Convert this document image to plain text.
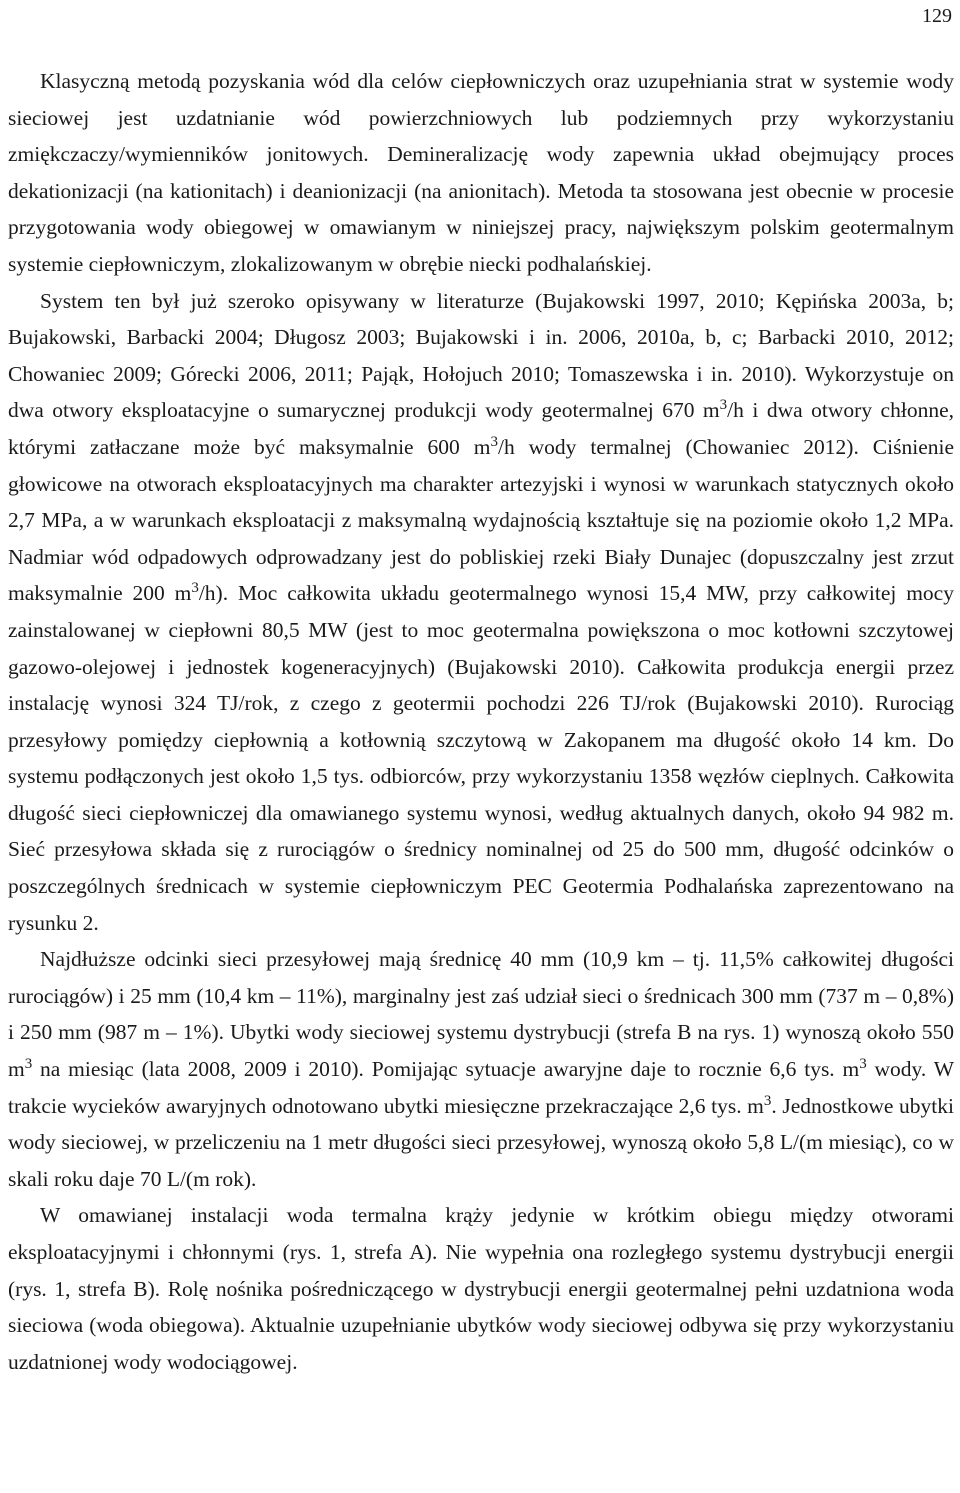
129

Klasyczną metodą pozyskania wód dla celów ciepłowniczych oraz uzupełniania strat w systemie wody sieciowej jest uzdatnianie wód powierzchniowych lub podziemnych przy wykorzystaniu zmiękczaczy/wymienników jonitowych. Demineralizację wody zapewnia układ obejmujący proces dekationizacji (na kationitach) i deanionizacji (na anionitach). Metoda ta stosowana jest obecnie w procesie przygotowania wody obiegowej w omawianym w niniejszej pracy, największym polskim geotermalnym systemie ciepłowniczym, zlokalizowanym w obrębie niecki podhalańskiej.

System ten był już szeroko opisywany w literaturze (Bujakowski 1997, 2010; Kępińska 2003a, b; Bujakowski, Barbacki 2004; Długosz 2003; Bujakowski i in. 2006, 2010a, b, c; Barbacki 2010, 2012; Chowaniec 2009; Górecki 2006, 2011; Pająk, Hołojuch 2010; Tomaszewska i in. 2010). Wykorzystuje on dwa otwory eksploatacyjne o sumarycznej produkcji wody geotermalnej 670 $m^3/h$ i dwa otwory chłonne, którymi zatłaczane może być maksymalnie 600 $m^3/h$ wody termalnej (Chowaniec 2012). Ciśnienie głowicowe na otworach eksploatacyjnych ma charakter artezyjski i wynosi w warunkach statycznych około 2,7 MPa, a w warunkach eksploatacji z maksymalną wydajnością kształtuje się na poziomie około 1,2 MPa. Nadmiar wód odpadowych odprowadzany jest do pobliskiej rzeki Biały Dunajec (dopuszczalny jest zrzut maksymalnie 200 $m^3/h$). Moc całkowita układu geotermalnego wynosi 15,4 MW, przy całkowitej mocy zainstalowanej w ciepłowni 80,5 MW (jest to moc geotermalna powiększona o moc kotłowni szczytowej gazowo-olejowej i jednostek kogeneracyjnych) (Bujakowski 2010). Całkowita produkcja energii przez instalację wynosi 324 TJ/rok, z czego z geotermii pochodzi 226 TJ/rok (Bujakowski 2010). Rurociąg przesyłowy pomiędzy ciepłownią a kotłownią szczytową w Zakopanem ma długość około 14 km. Do systemu podłączonych jest około 1,5 tys. odbiorców, przy wykorzystaniu 1358 węzłów cieplnych. Całkowita długość sieci ciepłowniczej dla omawianego systemu wynosi, według aktualnych danych, około 94 982 m. Sieć przesyłowa składa się z rurociągów o średnicy nominalnej od 25 do 500 mm, długość odcinków o poszczególnych średnicach w systemie ciepłowniczym PEC Geotermia Podhalańska zaprezentowano na rysunku 2.

Najdłuższe odcinki sieci przesyłowej mają średnicę 40 mm (10,9 km – tj. 11,5% całkowitej długości rurociągów) i 25 mm (10,4 km – 11%), marginalny jest zaś udział sieci o średnicach 300 mm (737 m – 0,8%) i 250 mm (987 m – 1%). Ubytki wody sieciowej systemu dystrybucji (strefa B na rys. 1) wynoszą około 550 $m^3$ na miesiąc (lata 2008, 2009 i 2010). Pomijając sytuacje awaryjne daje to rocznie 6,6 tys. $m^3$ wody. W trakcie wycieków awaryjnych odnotowano ubytki miesięczne przekraczające 2,6 tys. $m^3$. Jednostkowe ubytki wody sieciowej, w przeliczeniu na 1 metr długości sieci przesyłowej, wynoszą około 5,8 L/(m miesiąc), co w skali roku daje 70 L/(m rok).

W omawianej instalacji woda termalna krąży jedynie w krótkim obiegu między otworami eksploatacyjnymi i chłonnymi (rys. 1, strefa A). Nie wypełnia ona rozległego systemu dystrybucji energii (rys. 1, strefa B). Rolę nośnika pośredniczącego w dystrybucji energii geotermalnej pełni uzdatniona woda sieciowa (woda obiegowa). Aktualnie uzupełnianie ubytków wody sieciowej odbywa się przy wykorzystaniu uzdatnionej wody wodociągowej.
